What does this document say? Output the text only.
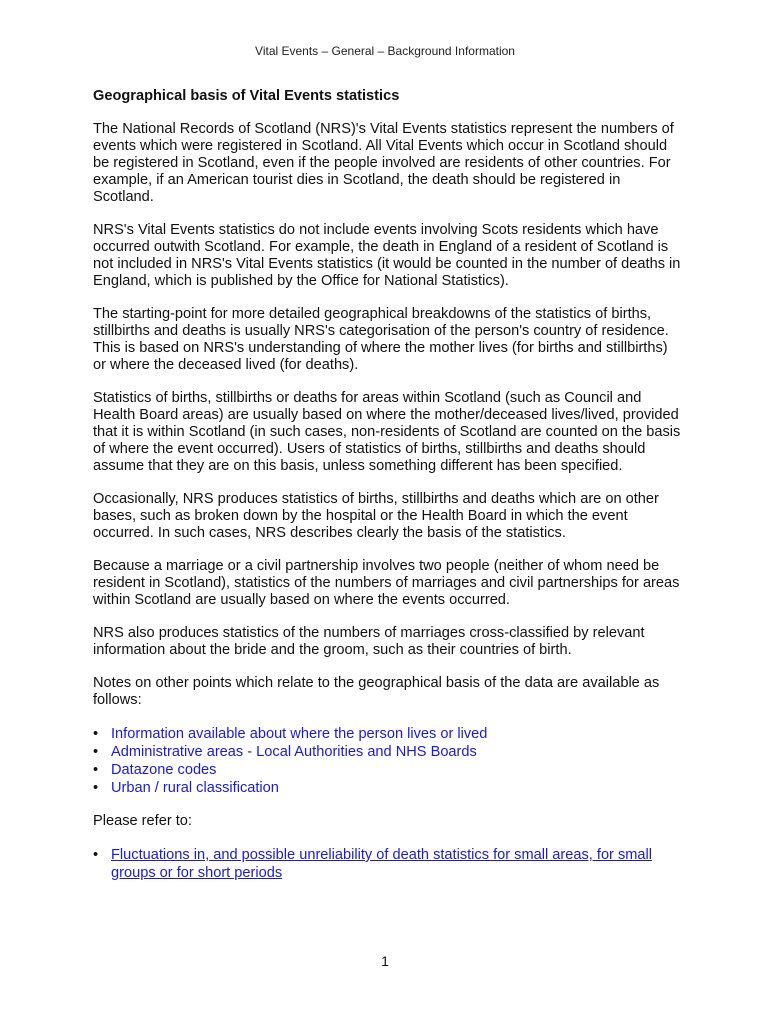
Vital Events – General – Background Information
Geographical basis of Vital Events statistics

The National Records of Scotland (NRS)'s Vital Events statistics represent the numbers of events which were registered in Scotland. All Vital Events which occur in Scotland should be registered in Scotland, even if the people involved are residents of other countries. For example, if an American tourist dies in Scotland, the death should be registered in Scotland.

NRS's Vital Events statistics do not include events involving Scots residents which have occurred outwith Scotland. For example, the death in England of a resident of Scotland is not included in NRS's Vital Events statistics (it would be counted in the number of deaths in England, which is published by the Office for National Statistics).

The starting-point for more detailed geographical breakdowns of the statistics of births, stillbirths and deaths is usually NRS's categorisation of the person's country of residence. This is based on NRS's understanding of where the mother lives (for births and stillbirths) or where the deceased lived (for deaths).

Statistics of births, stillbirths or deaths for areas within Scotland (such as Council and Health Board areas) are usually based on where the mother/deceased lives/lived, provided that it is within Scotland (in such cases, non-residents of Scotland are counted on the basis of where the event occurred). Users of statistics of births, stillbirths and deaths should assume that they are on this basis, unless something different has been specified.

Occasionally, NRS produces statistics of births, stillbirths and deaths which are on other bases, such as broken down by the hospital or the Health Board in which the event occurred. In such cases, NRS describes clearly the basis of the statistics.

Because a marriage or a civil partnership involves two people (neither of whom need be resident in Scotland), statistics of the numbers of marriages and civil partnerships for areas within Scotland are usually based on where the events occurred.

NRS also produces statistics of the numbers of marriages cross-classified by relevant information about the bride and the groom, such as their countries of birth.

Notes on other points which relate to the geographical basis of the data are available as follows:

• Information available about where the person lives or lived
• Administrative areas - Local Authorities and NHS Boards
• Datazone codes
• Urban / rural classification

Please refer to:

• Fluctuations in, and possible unreliability of death statistics for small areas, for small groups or for short periods
1
